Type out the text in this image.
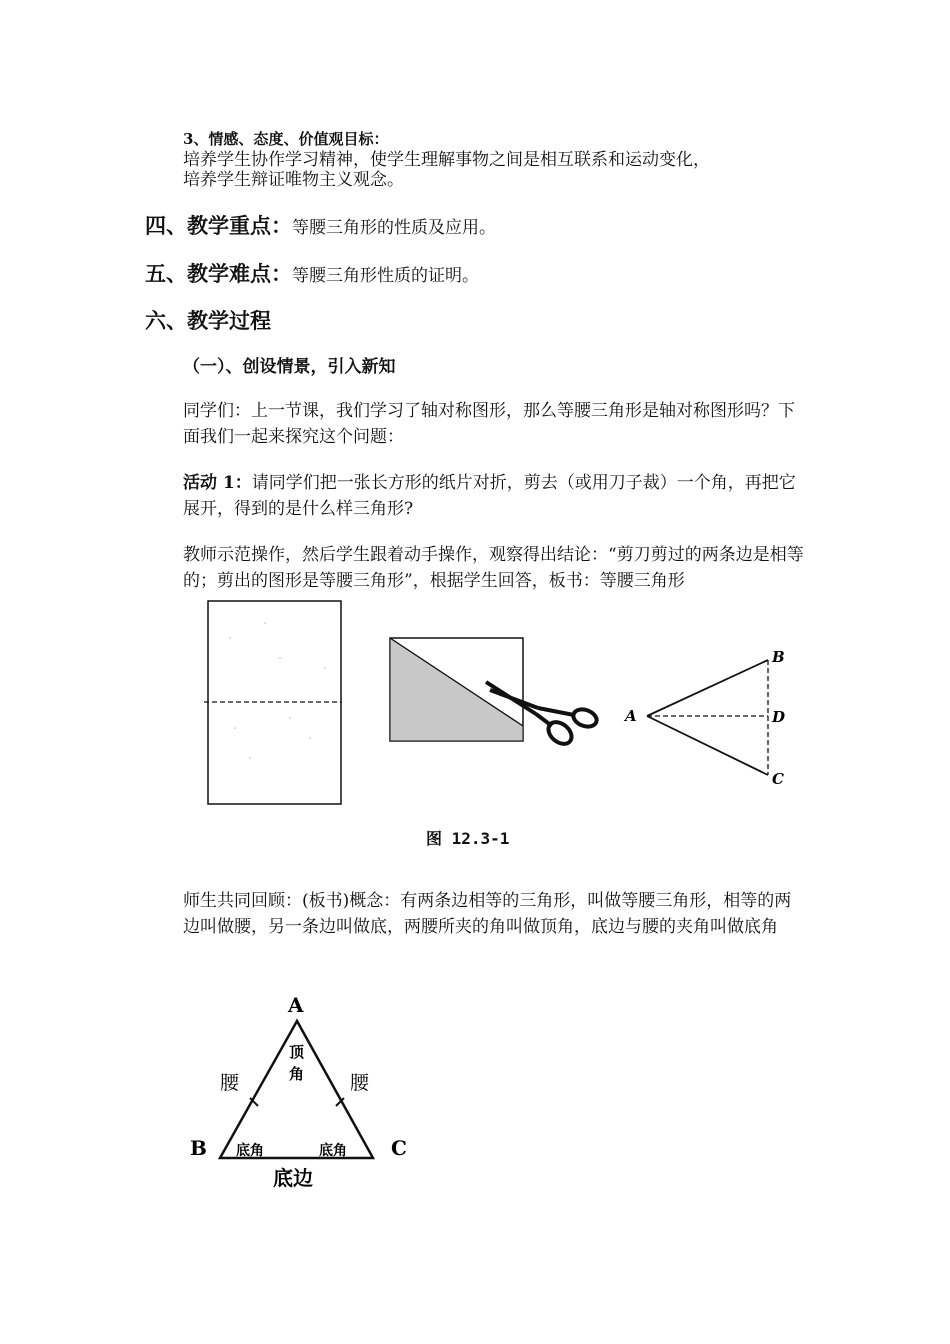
3、情感、态度、价值观目标：
培养学生协作学习精神，使学生理解事物之间是相互联系和运动变化，
培养学生辩证唯物主义观念。
四、教学重点：等腰三角形的性质及应用。
五、教学难点：等腰三角形性质的证明。
六、教学过程
（一）、创设情景，引入新知
同学们：上一节课，我们学习了轴对称图形，那么等腰三角形是轴对称图形吗？下面我们一起来探究这个问题：
活动 1：请同学们把一张长方形的纸片对折，剪去（或用刀子裁）一个角，再把它展开，得到的是什么样三角形?
教师示范操作，然后学生跟着动手操作，观察得出结论：“剪刀剪过的两条边是相等的；剪出的图形是等腰三角形”，根据学生回答，板书：等腰三角形
A
B
D
C
图 12.3-1
师生共同回顾：(板书)概念：有两条边相等的三角形，叫做等腰三角形，相等的两边叫做腰，另一条边叫做底，两腰所夹的角叫做顶角，底边与腰的夹角叫做底角
A
B	C
顶
角
腰	腰
底角	底角
底边
